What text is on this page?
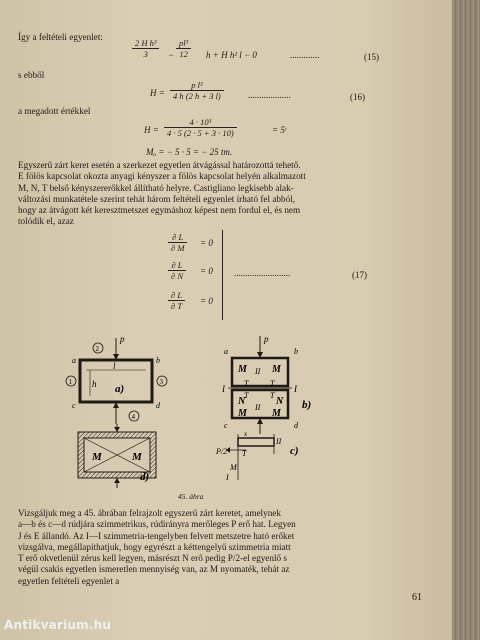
Így a feltételi egyenlet:
$\frac{\text{2 H h³}}{3} - \frac{\text{pl³}}{12}$ h + H h² l − 0	.............	(15)
s ebből
$H = \frac{\text{p l³}}{4 h (2 h + 3 l)}$	...................	(16)
a megadott értékkel
$H = \frac{\text{4 · 10³}}{4 \cdot 5 (2 \cdot 5 + 3 \cdot 10)}$	= 5ᵗ
Mₐ = − 5 · 5 = − 25 tm.
Egyszerű zárt keret esetén a szerkezet egyetlen átvágással határozottá tehető.
E fölös kapcsolat okozta anyagi kényszer a fölös kapcsolat helyén alkalmazott
M, N, T belső kényszererőkkel állítható helyre. Castigliano legkisebb alak-
változási munkatétele szerint tehát három feltételi egyenlet írható fel abból,
hogy az átvágott két keresztmetszet egymáshoz képest nem fordul el, és nem
tolódik el, azaz
$\frac{\partial L}{\partial M} = 0$
$\frac{\partial L}{\partial N} = 0$
$\frac{\partial L}{\partial T} = 0$
.........................	(17)
p
l
h a)
a	b
c	d
1
2
3
4
M	M
d)
p
a	b
c	d
M	M
T	T
I	I
N	N
II
II
M	M
T	T
b)
P/2 T
M
I
II
x
c)
45. ábra
Vizsgáljuk meg a 45. ábrában felrajzolt egyszerű zárt keretet, amelynek
a—b és c—d rúdjára szimmetrikus, rúdirányra merőleges P erő hat. Legyen
J és E állandó. Az I—I szimmetria-tengelyben felvett metszetre ható erőket
vizsgálva, megállapíthatjuk, hogy egyrészt a kéttengelyű szimmetria miatt
T erő okvetlenül zérus kell legyen, másrészt N erő pedig P/2-el egyenlő s
végül csakis egyetlen ismeretlen mennyiség van, az M nyomaték, tehát az
egyetlen feltételi egyenlet a
61
Antikvarium.hu
